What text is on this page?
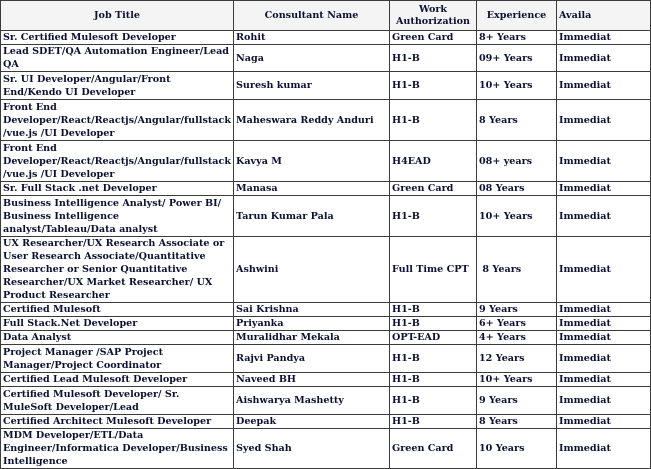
Job Title	Consultant Name	Work Authorization	Experience	Availa
Sr. Certified Mulesoft Developer	Rohit	Green Card	8+ Years	Immediat
Lead SDET/QA Automation Engineer/Lead QA	Naga	H1-B	09+ Years	Immediat
Sr. UI Developer/Angular/Front End/Kendo UI Developer	Suresh kumar	H1-B	10+ Years	Immediat
Front End Developer/React/Reactjs/Angular/fullstack/vue.js /UI Developer	Maheswara Reddy Anduri	H1-B	8 Years	Immediat
Front End Developer/React/Reactjs/Angular/fullstack/vue.js /UI Developer	Kavya M	H4EAD	08+ years	Immediat
Sr. Full Stack .net Developer	Manasa	Green Card	08 Years	Immediat
Business Intelligence Analyst/ Power BI/ Business Intelligence analyst/Tableau/Data analyst	Tarun Kumar Pala	H1-B	10+ Years	Immediat
UX Researcher/UX Research Associate or User Research Associate/Quantitative Researcher or Senior Quantitative Researcher/UX Market Researcher/ UX Product Researcher	Ashwini	Full Time CPT	8 Years	Immediat
Certified Mulesoft	Sai Krishna	H1-B	9 Years	Immediat
Full Stack.Net Developer	Priyanka	H1-B	6+ Years	Immediat
Data Analyst	Muralidhar Mekala	OPT-EAD	4+ Years	Immediat
Project Manager /SAP Project Manager/Project Coordinator	Rajvi Pandya	H1-B	12 Years	Immediat
Certified Lead Mulesoft Developer	Naveed BH	H1-B	10+ Years	Immediat
Certified Mulesoft Developer/ Sr. MuleSoft Developer/Lead	Aishwarya Mashetty	H1-B	9 Years	Immediat
Certified Architect Mulesoft Developer	Deepak	H1-B	8 Years	Immediat
MDM Developer/ETL/Data Engineer/Informatica Developer/Business Intelligence	Syed Shah	Green Card	10 Years	Immediat
